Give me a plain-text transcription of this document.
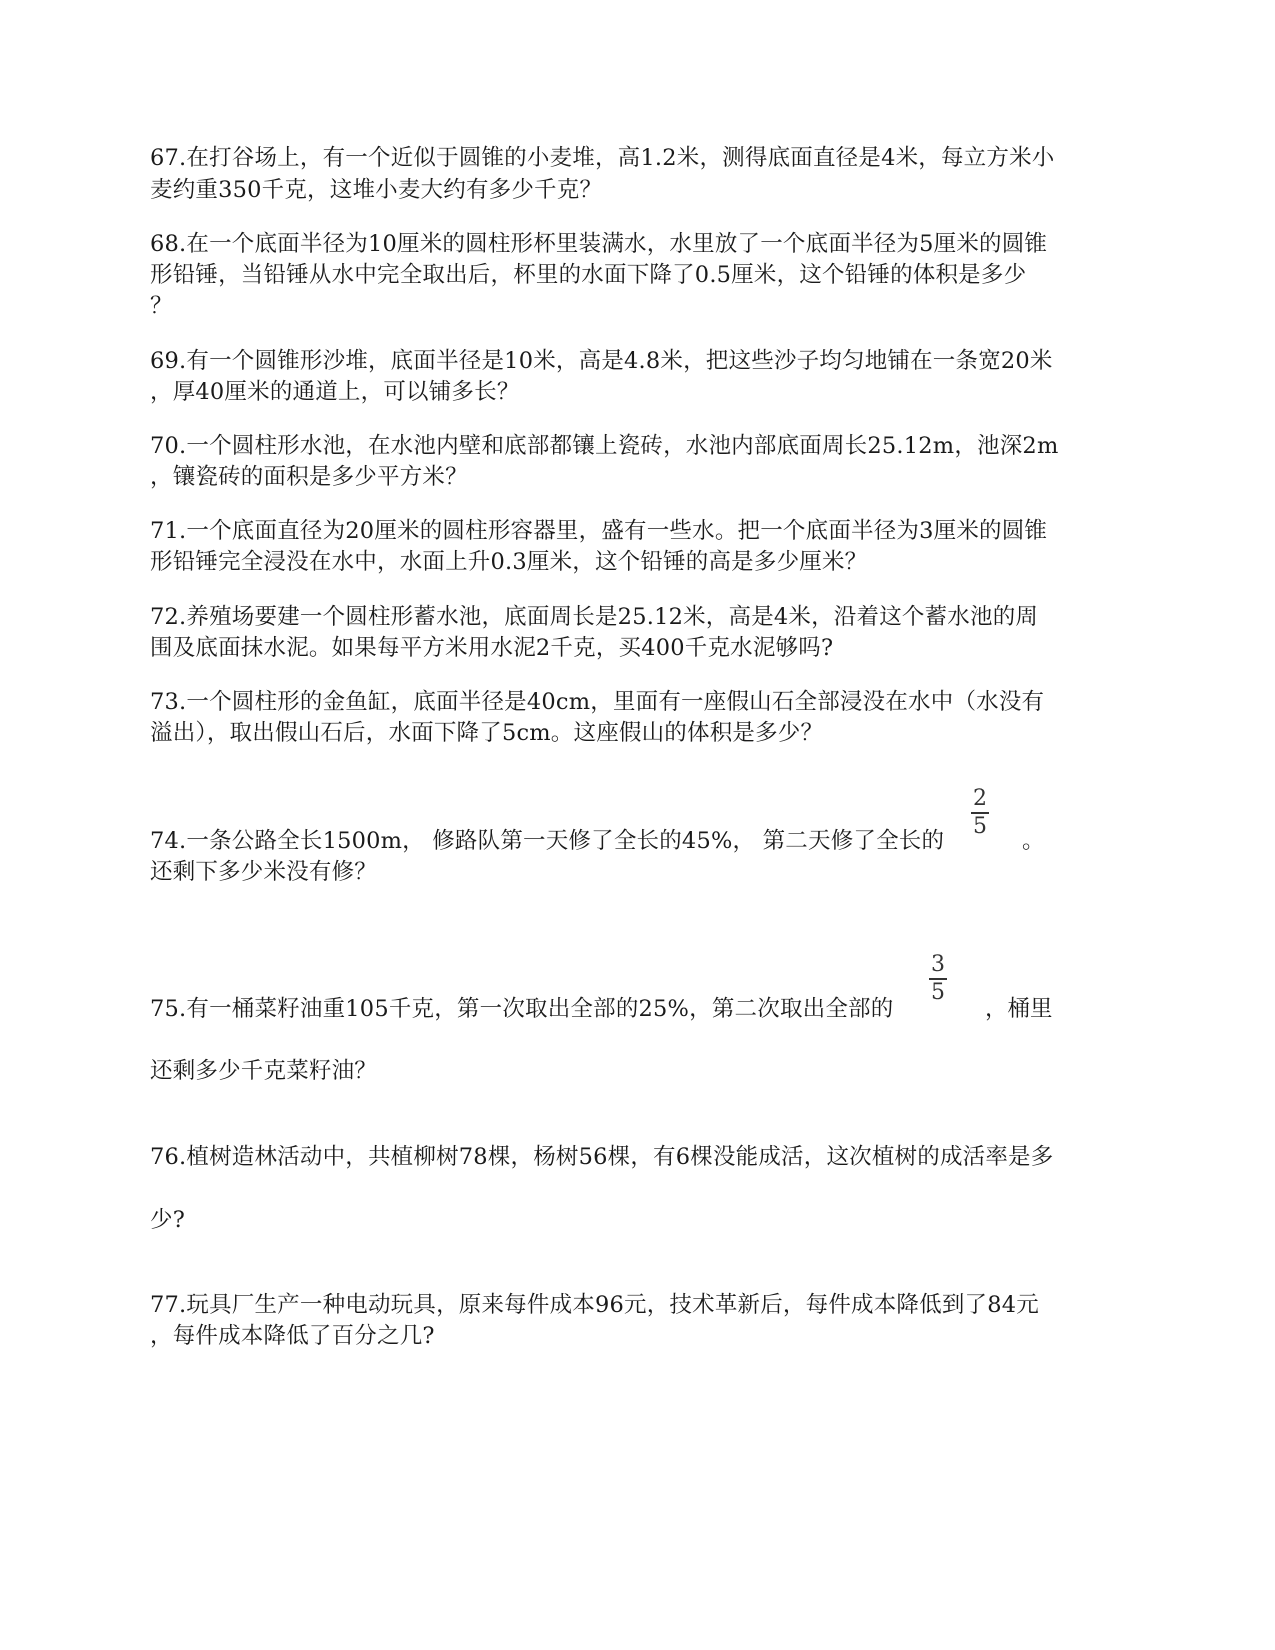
67.在打谷场上，有一个近似于圆锥的小麦堆，高1.2米，测得底面直径是4米，每立方米小
麦约重350千克，这堆小麦大约有多少千克？
68.在一个底面半径为10厘米的圆柱形杯里装满水，水里放了一个底面半径为5厘米的圆锥
形铅锤，当铅锤从水中完全取出后，杯里的水面下降了0.5厘米，这个铅锤的体积是多少
？
69.有一个圆锥形沙堆，底面半径是10米，高是4.8米，把这些沙子均匀地铺在一条宽20米
，厚40厘米的通道上，可以铺多长？
70.一个圆柱形水池，在水池内壁和底部都镶上瓷砖，水池内部底面周长25.12m，池深2m
，镶瓷砖的面积是多少平方米？
71.一个底面直径为20厘米的圆柱形容器里，盛有一些水。把一个底面半径为3厘米的圆锥
形铅锤完全浸没在水中，水面上升0.3厘米，这个铅锤的高是多少厘米？
72.养殖场要建一个圆柱形蓄水池，底面周长是25.12米，高是4米，沿着这个蓄水池的周
围及底面抹水泥。如果每平方米用水泥2千克，买400千克水泥够吗?
73.一个圆柱形的金鱼缸，底面半径是40cm，里面有一座假山石全部浸没在水中（水没有
溢出），取出假山石后，水面下降了5cm。这座假山的体积是多少？
2
5
74.一条公路全长1500m， 修路队第一天修了全长的45%， 第二天修了全长的	。
还剩下多少米没有修？
3
5
75.有一桶菜籽油重105千克，第一次取出全部的25%，第二次取出全部的	，桶里
还剩多少千克菜籽油？
76.植树造林活动中，共植柳树78棵，杨树56棵，有6棵没能成活，这次植树的成活率是多
少?
77.玩具厂生产一种电动玩具，原来每件成本96元，技术革新后，每件成本降低到了84元
，每件成本降低了百分之几?
